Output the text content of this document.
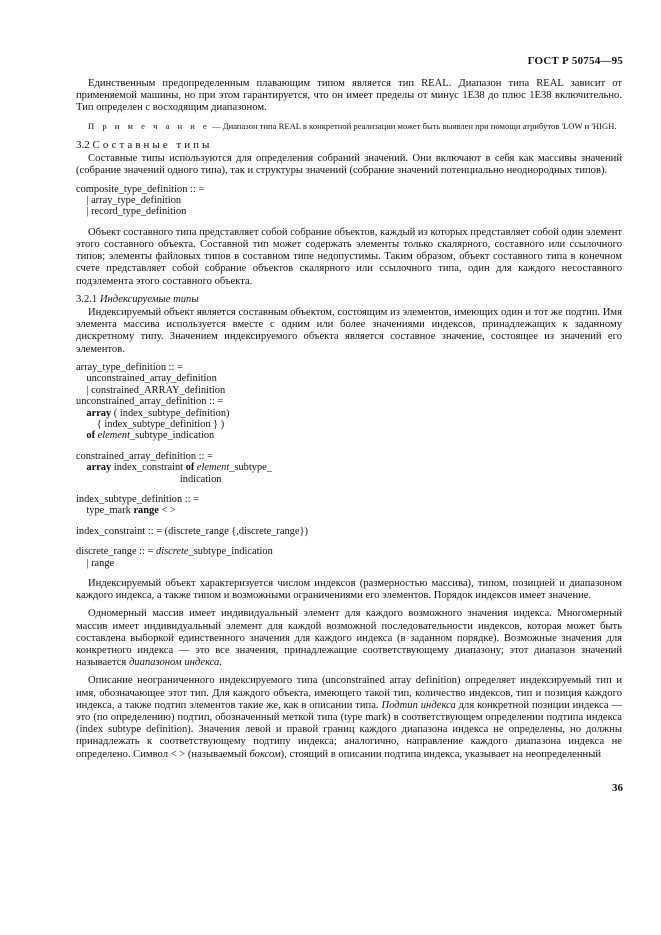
ГОСТ Р 50754—95

Единственным предопределенным плавающим типом является тип REAL. Диапазон типа REAL зависит от применяемой машины, но при этом гарантируется, что он имеет пределы от минус 1E38 до плюс 1E38 включительно. Тип определен с восходящим диапазоном.

П р и м е ч а н и е — Диапазон типа REAL в конкретной реализации может быть выявлен при помощи атрибутов 'LOW и 'HIGH.

3.2 Составные типы

Составные типы используются для определения собраний значений. Они включают в себя как массивы значений (собрание значений одного типа), так и структуры значений (собрание значений потенциально неоднородных типов).

composite_type_definition :: =
| array_type_definition
| record_type_definition

Объект составного типа представляет собой собрание объектов, каждый из которых представляет собой один элемент этого составного объекта. Составной тип может содержать элементы только скалярного, составного или ссылочного типов; элементы файловых типов в составном типе недопустимы. Таким образом, объект составного типа в конечном счете представляет собой собрание объектов скалярного или ссылочного типа, один для каждого несоставного подэлемента этого составного объекта.

3.2.1 Индексируемые типы

Индексируемый объект является составным объектом, состоящим из элементов, имеющих один и тот же подтип. Имя элемента массива используется вместе с одним или более значениями индексов, принадлежащих к заданному дискретному типу. Значением индексируемого объекта является составное значение, состоящее из значений его элементов.

array_type_definition :: =
unconstrained_array_definition
| constrained_ARRAY_definition
unconstrained_array_definition :: =
array ( index_subtype_definition)
{ index_subtype_definition } )
of element_subtype_indication
constrained_array_definition :: =
array index_constraint of element_subtype_
indication
index_subtype_definition :: =
type_mark range < >
index_constraint :: = (discrete_range {,discrete_range})
discrete_range :: = discrete_subtype_indication
| range

Индексируемый объект характеризуется числом индексов (размерностью массива), типом, позицией и диапазоном каждого индекса, а также типом и возможными ограничениями его элементов. Порядок индексов имеет значение.

Одномерный массив имеет индивидуальный элемент для каждого возможного значения индекса. Многомерный массив имеет индивидуальный элемент для каждой возможной последовательности индексов, которая может быть составлена выборкой единственного значения для каждого индекса (в заданном порядке). Возможные значения для конкретного индекса — это все значения, принадлежащие соответствующему диапазону; этот диапазон значений называется диапазоном индекса.

Описание неограниченного индексируемого типа (unconstrained array definition) определяет индексируемый тип и имя, обозначающее этот тип. Для каждого объекта, имеющего такой тип, количество индексов, тип и позиция каждого индекса, а также подтип элементов такие же, как в описании типа. Подтип индекса для конкретной позиции индекса — это (по определению) подтип, обозначенный меткой типа (type mark) в соответствующем определении подтипа индекса (index subtype definition). Значения левой и правой границ каждого диапазона индекса не определены, но должны принадлежать к соответствующему подтипу индекса; аналогично, направление каждого диапазона индекса не определено. Символ < > (называемый боксом), стоящий в описании подтипа индекса, указывает на неопределенный

36
